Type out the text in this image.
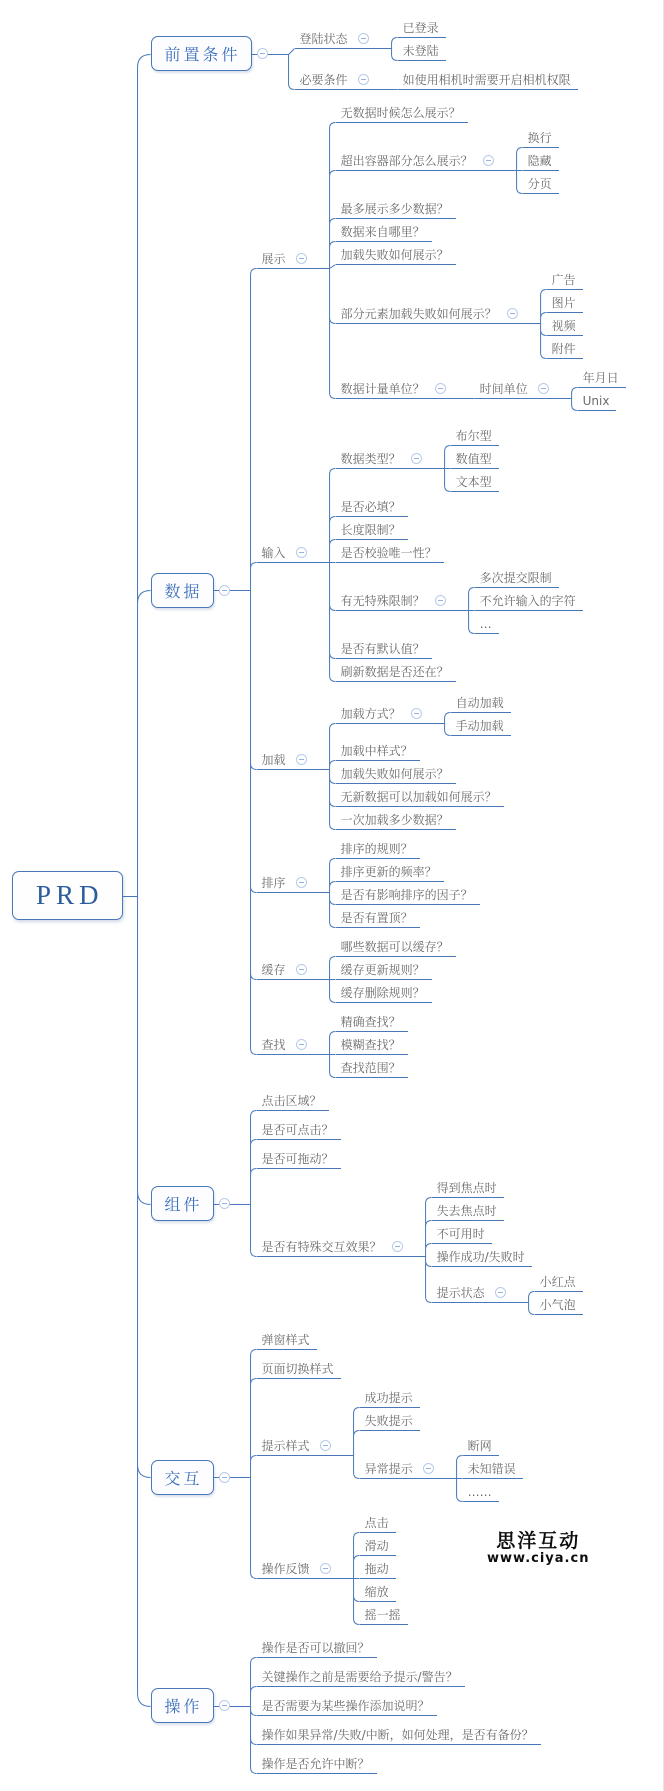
PRD
前置条件
登陆状态
已登录
未登陆
必要条件	如使用相机时需要开启相机权限
数据
展示
无数据时候怎么展示？
超出容器部分怎么展示？
换行
隐藏
分页
最多展示多少数据？
数据来自哪里？
加载失败如何展示？
部分元素加载失败如何展示？
广告
图片
视频
附件
数据计量单位？	时间单位
年月日
Unix
输入
数据类型？
布尔型
数值型
文本型
是否必填？
长度限制？
是否校验唯一性？
有无特殊限制？
多次提交限制
不允许输入的字符
…
是否有默认值？
刷新数据是否还在？
加载
加载方式？
自动加载
手动加载
加载中样式？
加载失败如何展示？
无新数据可以加载如何展示？
一次加载多少数据？
排序
排序的规则？
排序更新的频率？
是否有影响排序的因子？
是否有置顶？
缓存
哪些数据可以缓存？
缓存更新规则？
缓存删除规则？
查找
精确查找？
模糊查找？
查找范围？
组件
点击区域？
是否可点击？
是否可拖动？
是否有特殊交互效果？
得到焦点时
失去焦点时
不可用时
操作成功/失败时
提示状态
小红点
小气泡
交互
弹窗样式
页面切换样式
提示样式
成功提示
失败提示
异常提示
断网
未知错误
……
操作反馈
点击
滑动
拖动
缩放
摇一摇
操作
操作是否可以撤回？
关键操作之前是需要给予提示/警告？
是否需要为某些操作添加说明？
操作如果异常/失败/中断，如何处理，是否有备份？
操作是否允许中断？
思洋互动
www.ciya.cn
